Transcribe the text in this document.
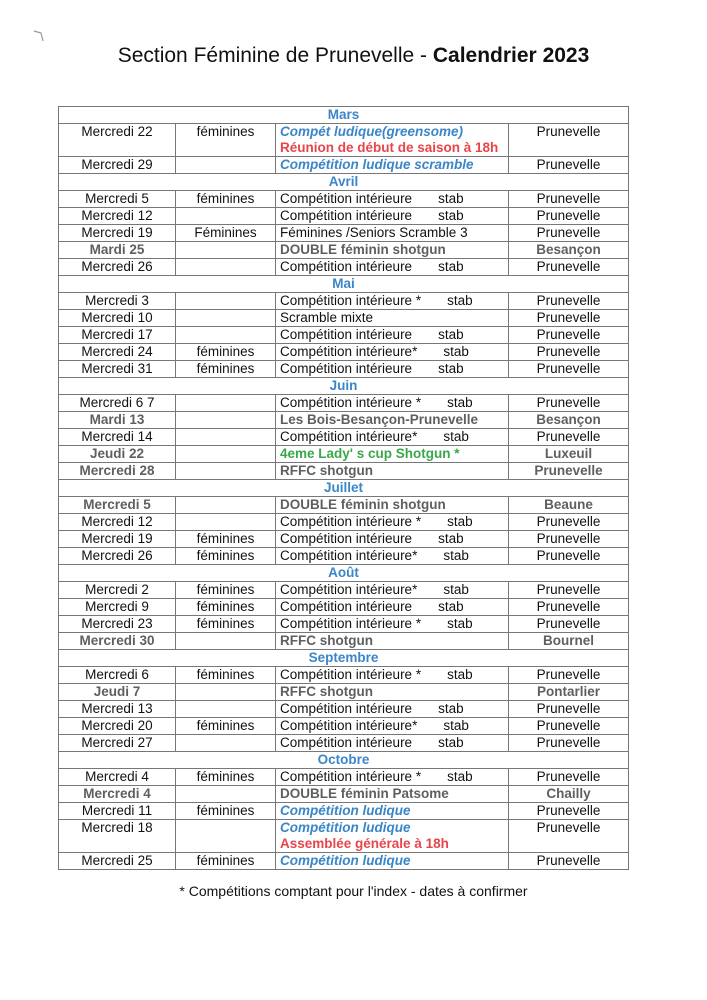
Section Féminine de Prunevelle - Calendrier 2023
Mars			
Mercredi 22	féminines	Compét ludique(greensome)
Réunion de début de saison à 18h	Prunevelle
Mercredi 29		Compétition ludique scramble	Prunevelle
Avril			
Mercredi 5	féminines	Compétition intérieure stab	Prunevelle
Mercredi 12		Compétition intérieure stab	Prunevelle
Mercredi 19	Féminines	Féminines /Seniors Scramble 3	Prunevelle
Mardi 25		DOUBLE féminin shotgun	Besançon
Mercredi 26		Compétition intérieure stab	Prunevelle
Mai			
Mercredi 3		Compétition intérieure * stab	Prunevelle
Mercredi 10		Scramble mixte	Prunevelle
Mercredi 17		Compétition intérieure stab	Prunevelle
Mercredi 24	féminines	Compétition intérieure* stab	Prunevelle
Mercredi 31	féminines	Compétition intérieure stab	Prunevelle
Juin			
Mercredi 6 7		Compétition intérieure * stab	Prunevelle
Mardi 13		Les Bois-Besançon-Prunevelle	Besançon
Mercredi 14		Compétition intérieure* stab	Prunevelle
Jeudi 22		4eme Lady' s cup Shotgun *	Luxeuil
Mercredi 28		RFFC shotgun	Prunevelle
Juillet			
Mercredi 5		DOUBLE féminin shotgun	Beaune
Mercredi 12		Compétition intérieure * stab	Prunevelle
Mercredi 19	féminines	Compétition intérieure stab	Prunevelle
Mercredi 26	féminines	Compétition intérieure* stab	Prunevelle
Août			
Mercredi 2	féminines	Compétition intérieure* stab	Prunevelle
Mercredi 9	féminines	Compétition intérieure stab	Prunevelle
Mercredi 23	féminines	Compétition intérieure * stab	Prunevelle
Mercredi 30		RFFC shotgun	Bournel
Septembre			
Mercredi 6	féminines	Compétition intérieure * stab	Prunevelle
Jeudi 7		RFFC shotgun	Pontarlier
Mercredi 13		Compétition intérieure stab	Prunevelle
Mercredi 20	féminines	Compétition intérieure* stab	Prunevelle
Mercredi 27		Compétition intérieure stab	Prunevelle
Octobre			
Mercredi 4	féminines	Compétition intérieure * stab	Prunevelle
Mercredi 4		DOUBLE féminin Patsome	Chailly
Mercredi 11	féminines	Compétition ludique	Prunevelle
Mercredi 18		Compétition ludique
Assemblée générale à 18h	Prunevelle
Mercredi 25	féminines	Compétition ludique	Prunevelle
* Compétitions comptant pour l'index - dates à confirmer
